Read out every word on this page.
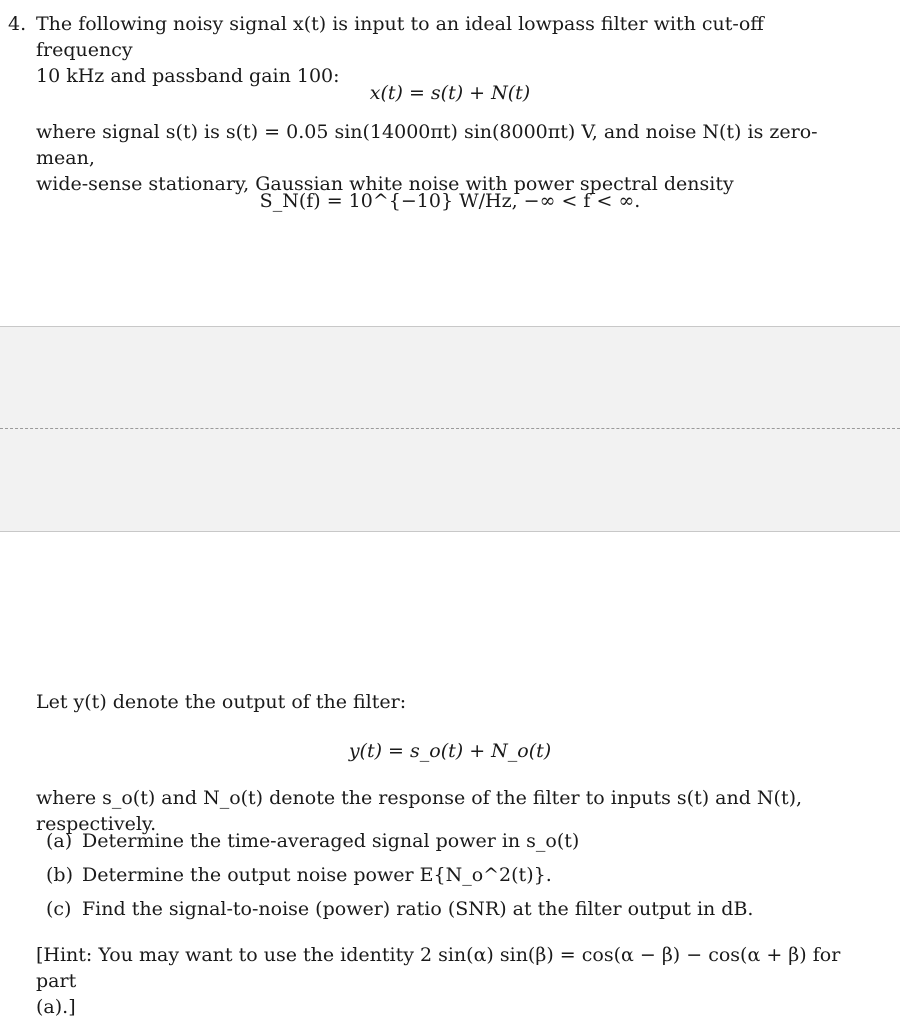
4. The following noisy signal x(t) is input to an ideal lowpass filter with cut-off frequency
10 kHz and passband gain 100:
x(t) = s(t) + N(t)
where signal s(t) is s(t) = 0.05 sin(14000πt) sin(8000πt) V, and noise N(t) is zero-mean,
wide-sense stationary, Gaussian white noise with power spectral density
S_N(f) = 10^{−10} W/Hz, −∞ < f < ∞.
Let y(t) denote the output of the filter:
y(t) = s_o(t) + N_o(t)
where s_o(t) and N_o(t) denote the response of the filter to inputs s(t) and N(t), respectively.
(a) Determine the time-averaged signal power in s_o(t)
(b) Determine the output noise power E{N_o^2(t)}.
(c) Find the signal-to-noise (power) ratio (SNR) at the filter output in dB.
[Hint: You may want to use the identity 2 sin(α) sin(β) = cos(α − β) − cos(α + β) for part
(a).]
